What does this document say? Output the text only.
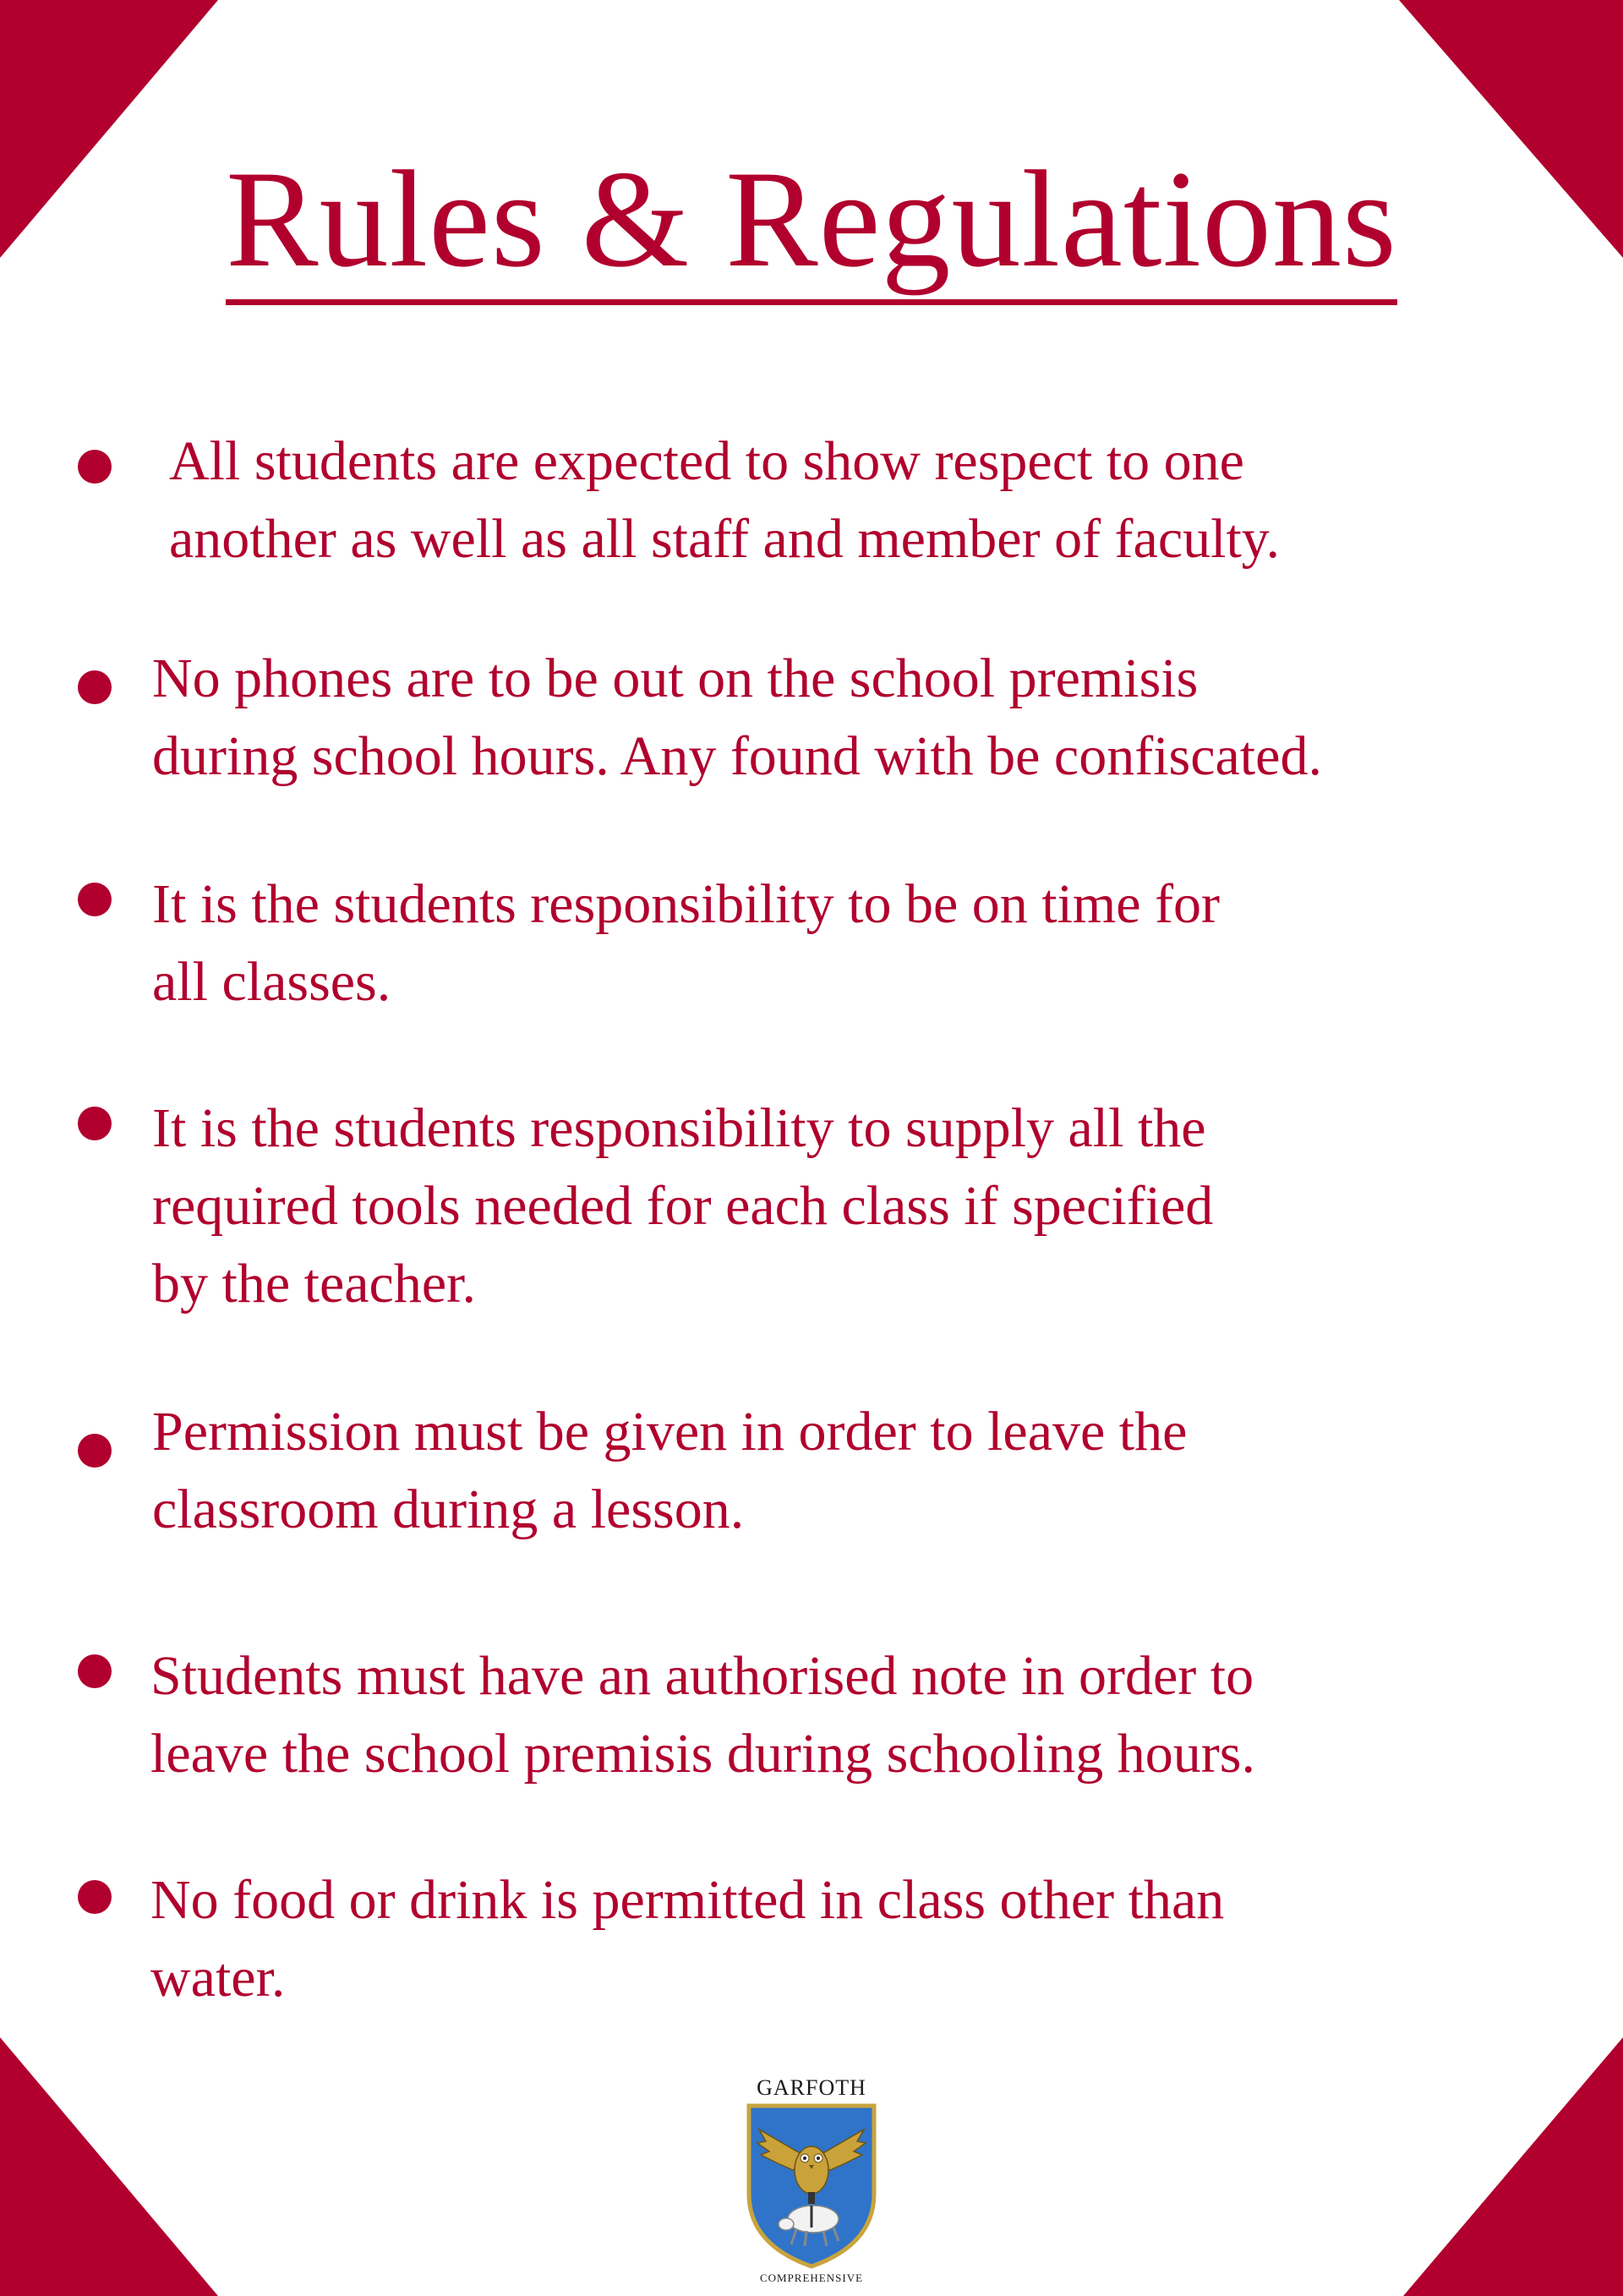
Rules & Regulations

All students are expected to show respect to one
another as well as all staff and member of faculty.

No phones are to be out on the school premisis
during school hours. Any found with be confiscated.

It is the students responsibility to be on time for
all classes.

It is the students responsibility to supply all the
required tools needed for each class if specified
by the teacher.

Permission must be given in order to leave the
classroom during a lesson.

Students must have an authorised note in order to
leave the school premisis during schooling hours.

No food or drink is permitted in class other than
water.

GARFOTH
COMPREHENSIVE
